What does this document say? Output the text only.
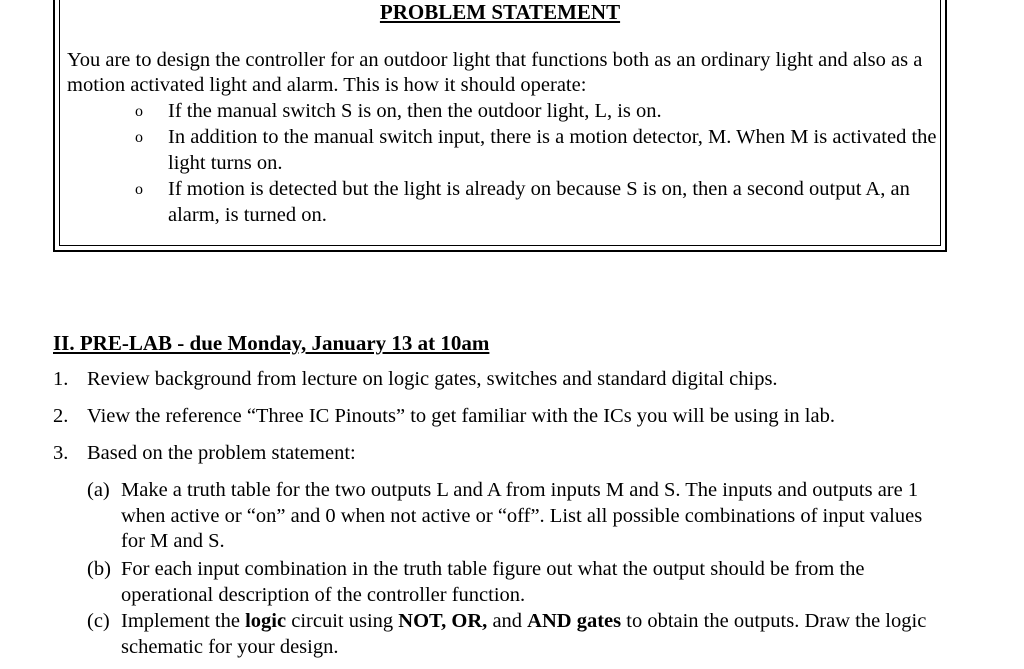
PROBLEM STATEMENT
You are to design the controller for an outdoor light that functions both as an ordinary light and also as a motion activated light and alarm. This is how it should operate:
o If the manual switch S is on, then the outdoor light, L, is on.
o In addition to the manual switch input, there is a motion detector, M. When M is activated the light turns on.
o If motion is detected but the light is already on because S is on, then a second output A, an alarm, is turned on.
II. PRE-LAB - due Monday, January 13 at 10am
1. Review background from lecture on logic gates, switches and standard digital chips.
2. View the reference “Three IC Pinouts” to get familiar with the ICs you will be using in lab.
3. Based on the problem statement:
(a) Make a truth table for the two outputs L and A from inputs M and S. The inputs and outputs are 1 when active or “on” and 0 when not active or “off”. List all possible combinations of input values for M and S.
(b) For each input combination in the truth table figure out what the output should be from the operational description of the controller function.
(c) Implement the logic circuit using NOT, OR, and AND gates to obtain the outputs. Draw the logic schematic for your design.
